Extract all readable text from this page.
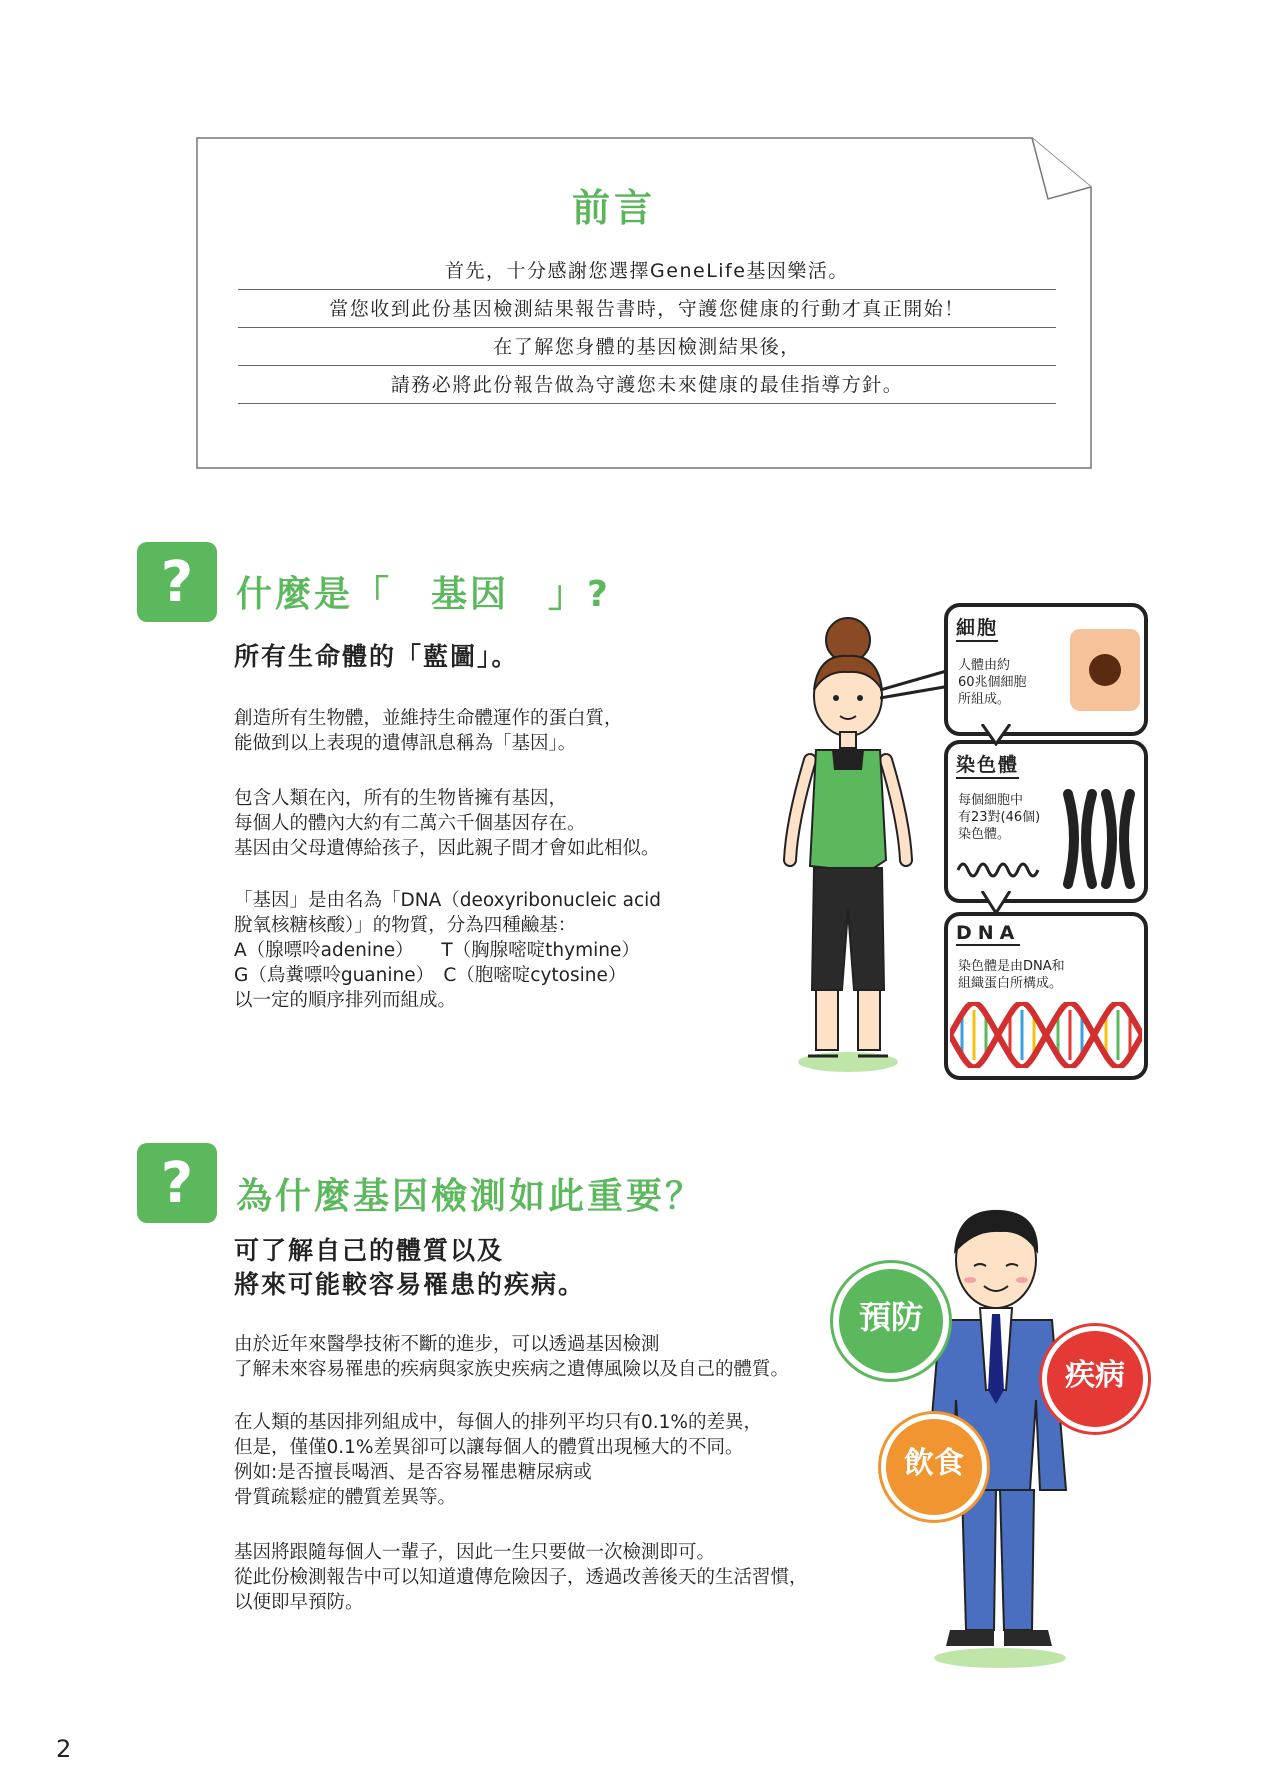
前言
首先，十分感謝您選擇GeneLife基因樂活。
當您收到此份基因檢測結果報告書時，守護您健康的行動才真正開始！
在了解您身體的基因檢測結果後，
請務必將此份報告做為守護您未來健康的最佳指導方針。
?	什麼是「　基因　」?
所有生命體的「藍圖」。
創造所有生物體，並維持生命體運作的蛋白質，
能做到以上表現的遺傳訊息稱為「基因」。
包含人類在內，所有的生物皆擁有基因，
每個人的體內大約有二萬六千個基因存在。
基因由父母遺傳給孩子，因此親子間才會如此相似。
「基因」是由名為「DNA（deoxyribonucleic acid
脫氧核糖核酸）」的物質，分為四種鹼基：
A（腺嘌呤adenine）　　T（胸腺嘧啶thymine）
G（鳥糞嘌呤guanine）　C（胞嘧啶cytosine）
以一定的順序排列而組成。
細胞
人體由約
60兆個細胞
所組成。
染色體
每個細胞中
有23對(46個)
染色體。
DNA
染色體是由DNA和
組織蛋白所構成。
?	為什麼基因檢測如此重要？
可了解自己的體質以及
將來可能較容易罹患的疾病。
由於近年來醫學技術不斷的進步，可以透過基因檢測
了解未來容易罹患的疾病與家族史疾病之遺傳風險以及自己的體質。
在人類的基因排列組成中，每個人的排列平均只有0.1%的差異，
但是，僅僅0.1%差異卻可以讓每個人的體質出現極大的不同。
例如:是否擅長喝酒、是否容易罹患糖尿病或
骨質疏鬆症的體質差異等。
基因將跟隨每個人一輩子，因此一生只要做一次檢測即可。
從此份檢測報告中可以知道遺傳危險因子，透過改善後天的生活習慣，
以便即早預防。
預防
疾病
飲食
2
